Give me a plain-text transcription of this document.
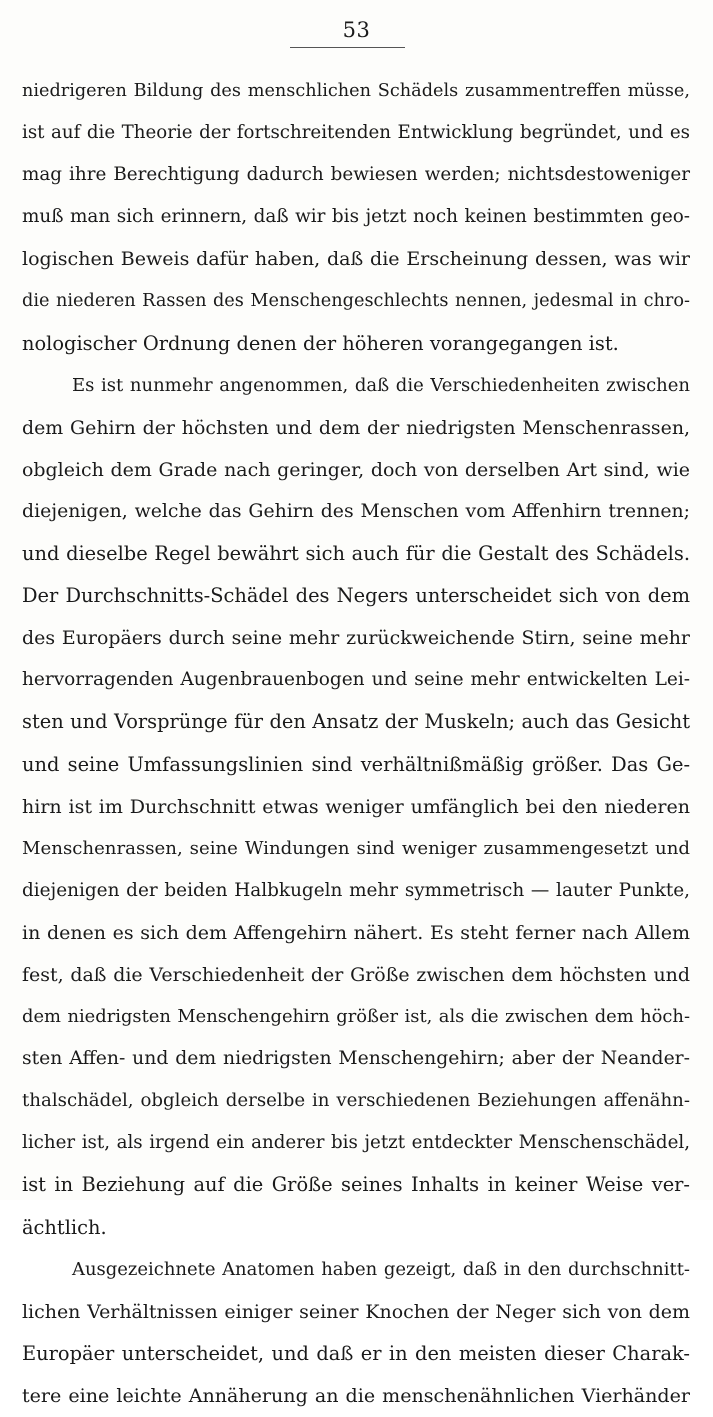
53
niedrigeren Bildung des menschlichen Schädels zusammentreffen müsse,
ist auf die Theorie der fortschreitenden Entwicklung begründet, und es
mag ihre Berechtigung dadurch bewiesen werden; nichtsdestoweniger
muß man sich erinnern, daß wir bis jetzt noch keinen bestimmten geo-
logischen Beweis dafür haben, daß die Erscheinung dessen, was wir
die niederen Rassen des Menschengeschlechts nennen, jedesmal in chro-
nologischer Ordnung denen der höheren vorangegangen ist.
Es ist nunmehr angenommen, daß die Verschiedenheiten zwischen
dem Gehirn der höchsten und dem der niedrigsten Menschenrassen,
obgleich dem Grade nach geringer, doch von derselben Art sind, wie
diejenigen, welche das Gehirn des Menschen vom Affenhirn trennen;
und dieselbe Regel bewährt sich auch für die Gestalt des Schädels.
Der Durchschnitts-Schädel des Negers unterscheidet sich von dem
des Europäers durch seine mehr zurückweichende Stirn, seine mehr
hervorragenden Augenbrauenbogen und seine mehr entwickelten Lei-
sten und Vorsprünge für den Ansatz der Muskeln; auch das Gesicht
und seine Umfassungslinien sind verhältnißmäßig größer. Das Ge-
hirn ist im Durchschnitt etwas weniger umfänglich bei den niederen
Menschenrassen, seine Windungen sind weniger zusammengesetzt und
diejenigen der beiden Halbkugeln mehr symmetrisch — lauter Punkte,
in denen es sich dem Affengehirn nähert. Es steht ferner nach Allem
fest, daß die Verschiedenheit der Größe zwischen dem höchsten und
dem niedrigsten Menschengehirn größer ist, als die zwischen dem höch-
sten Affen- und dem niedrigsten Menschengehirn; aber der Neander-
thalschädel, obgleich derselbe in verschiedenen Beziehungen affenähn-
licher ist, als irgend ein anderer bis jetzt entdeckter Menschenschädel,
ist in Beziehung auf die Größe seines Inhalts in keiner Weise ver-
ächtlich.
Ausgezeichnete Anatomen haben gezeigt, daß in den durchschnitt-
lichen Verhältnissen einiger seiner Knochen der Neger sich von dem
Europäer unterscheidet, und daß er in den meisten dieser Charak-
tere eine leichte Annäherung an die menschenähnlichen Vierhänder
